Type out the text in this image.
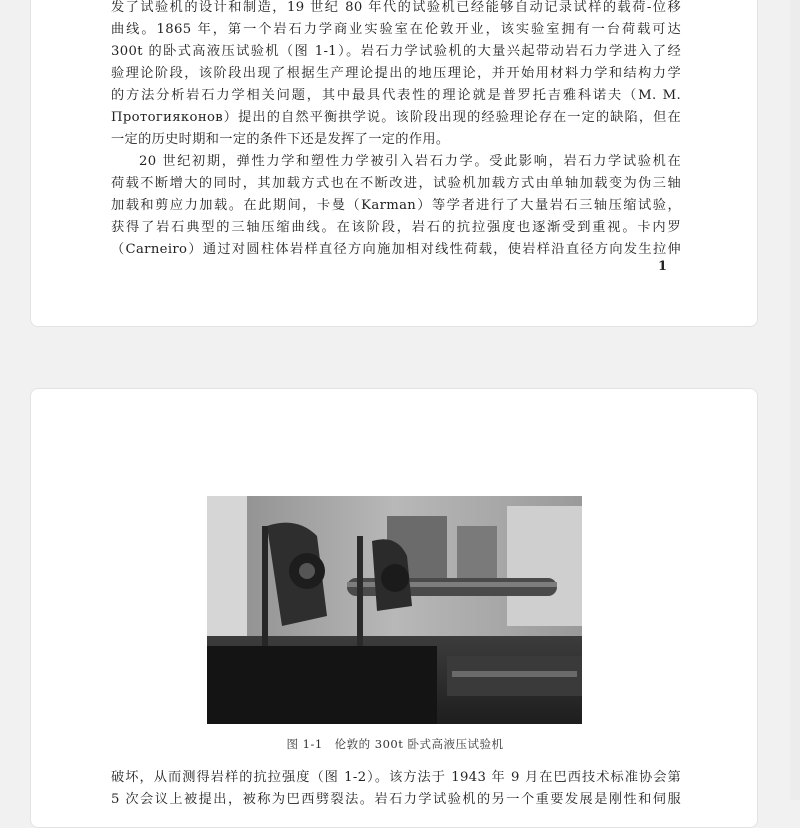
发了试验机的设计和制造，19 世纪 80 年代的试验机已经能够自动记录试样的载荷-位移
曲线。1865 年，第一个岩石力学商业实验室在伦敦开业，该实验室拥有一台荷载可达
300t 的卧式高液压试验机（图 1-1）。岩石力学试验机的大量兴起带动岩石力学进入了经
验理论阶段，该阶段出现了根据生产理论提出的地压理论，并开始用材料力学和结构力学
的方法分析岩石力学相关问题，其中最具代表性的理论就是普罗托吉雅科诺夫（M. M.
Протогияконов）提出的自然平衡拱学说。该阶段出现的经验理论存在一定的缺陷，但在
一定的历史时期和一定的条件下还是发挥了一定的作用。
20 世纪初期，弹性力学和塑性力学被引入岩石力学。受此影响，岩石力学试验机在
荷载不断增大的同时，其加载方式也在不断改进，试验机加载方式由单轴加载变为伪三轴
加载和剪应力加载。在此期间，卡曼（Karman）等学者进行了大量岩石三轴压缩试验，
获得了岩石典型的三轴压缩曲线。在该阶段，岩石的抗拉强度也逐渐受到重视。卡内罗
（Carneiro）通过对圆柱体岩样直径方向施加相对线性荷载，使岩样沿直径方向发生拉伸
1
图 1-1　伦敦的 300t 卧式高液压试验机
破坏，从而测得岩样的抗拉强度（图 1-2）。该方法于 1943 年 9 月在巴西技术标准协会第
5 次会议上被提出，被称为巴西劈裂法。岩石力学试验机的另一个重要发展是刚性和伺服
